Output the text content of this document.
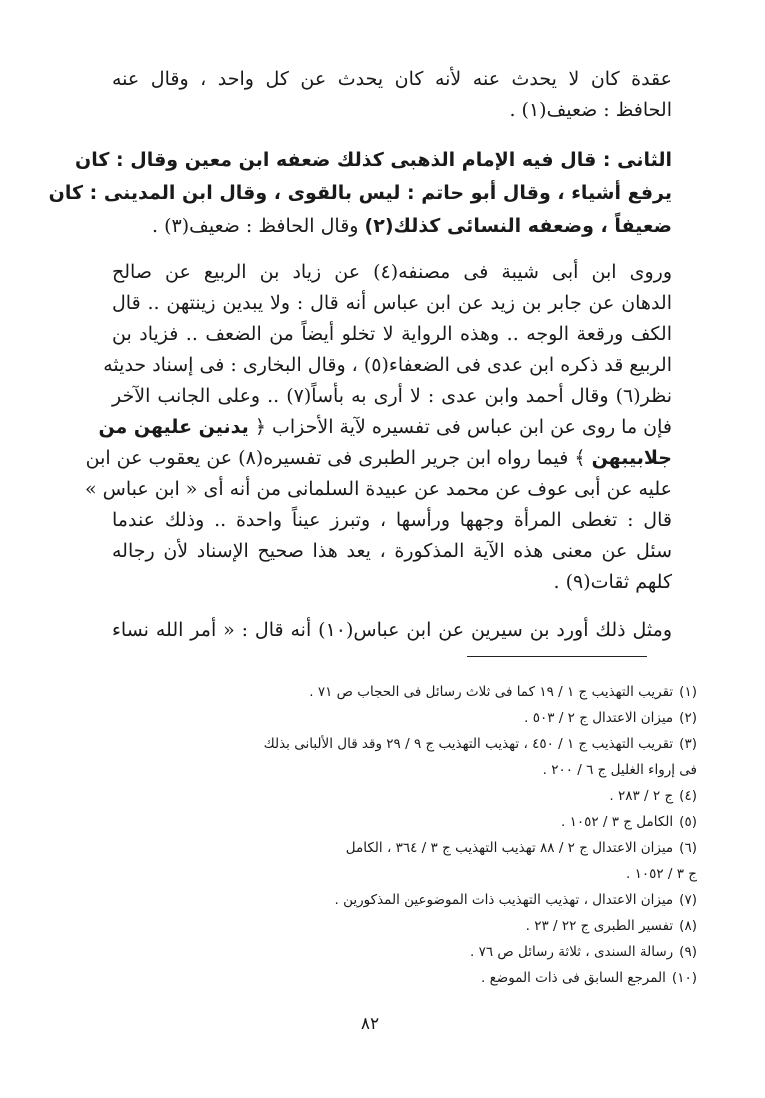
عقدة كان لا يحدث عنه لأنه كان يحدث عن كل واحد ، وقال عنه
الحافظ : ضعيف(١) .
الثانى : قال فيه الإمام الذهبى كذلك ضعفه ابن معين وقال : كان
يرفع أشياء ، وقال أبو حاتم : ليس بالقوى ، وقال ابن المدينى : كان
ضعيفاً ، وضعفه النسائى كذلك(٢) وقال الحافظ : ضعيف(٣) .
وروى ابن أبى شيبة فى مصنفه(٤) عن زياد بن الربيع عن صالح
الدهان عن جابر بن زيد عن ابن عباس أنه قال : ولا يبدين زينتهن .. قال
الكف ورقعة الوجه .. وهذه الرواية لا تخلو أيضاً من الضعف .. فزياد بن
الربيع قد ذكره ابن عدى فى الضعفاء(٥) ، وقال البخارى : فى إسناد حديثه
نظر(٦) وقال أحمد وابن عدى : لا أرى به بأساً(٧) .. وعلى الجانب الآخر
فإن ما روى عن ابن عباس فى تفسيره لآية الأحزاب ﴿ يدنين عليهن من
جلابيبهن ﴾ فيما رواه ابن جرير الطبرى فى تفسيره(٨) عن يعقوب عن ابن
عليه عن أبى عوف عن محمد عن عبيدة السلمانى من أنه أى « ابن عباس »
قال : تغطى المرأة وجهها ورأسها ، وتبرز عيناً واحدة .. وذلك عندما
سئل عن معنى هذه الآية المذكورة ، يعد هذا صحيح الإسناد لأن رجاله
كلهم ثقات(٩) .
ومثل ذلك أورد بن سيرين عن ابن عباس(١٠) أنه قال : « أمر الله نساء
(١)تقريب التهذيب ج ١ / ١٩ كما فى ثلاث رسائل فى الحجاب ص ٧١ .
(٢)ميزان الاعتدال ج ٢ / ٥٠٣ .
(٣)تقريب التهذيب ج ١ / ٤٥٠ ، تهذيب التهذيب ج ٩ / ٢٩ وقد قال الألبانى بذلك
فى إرواء الغليل ج ٦ / ٢٠٠ .
(٤)ج ٢ / ٢٨٣ .
(٥)الكامل ج ٣ / ١٠٥٢ .
(٦)ميزان الاعتدال ج ٢ / ٨٨ تهذيب التهذيب ج ٣ / ٣٦٤ ، الكامل
ج ٣ / ١٠٥٢ .
(٧)ميزان الاعتدال ، تهذيب التهذيب ذات الموضوعين المذكورين .
(٨)تفسير الطبرى ج ٢٢ / ٢٣ .
(٩)رسالة السندى ، ثلاثة رسائل ص ٧٦ .
(١٠)المرجع السابق فى ذات الموضع .
٨٢
